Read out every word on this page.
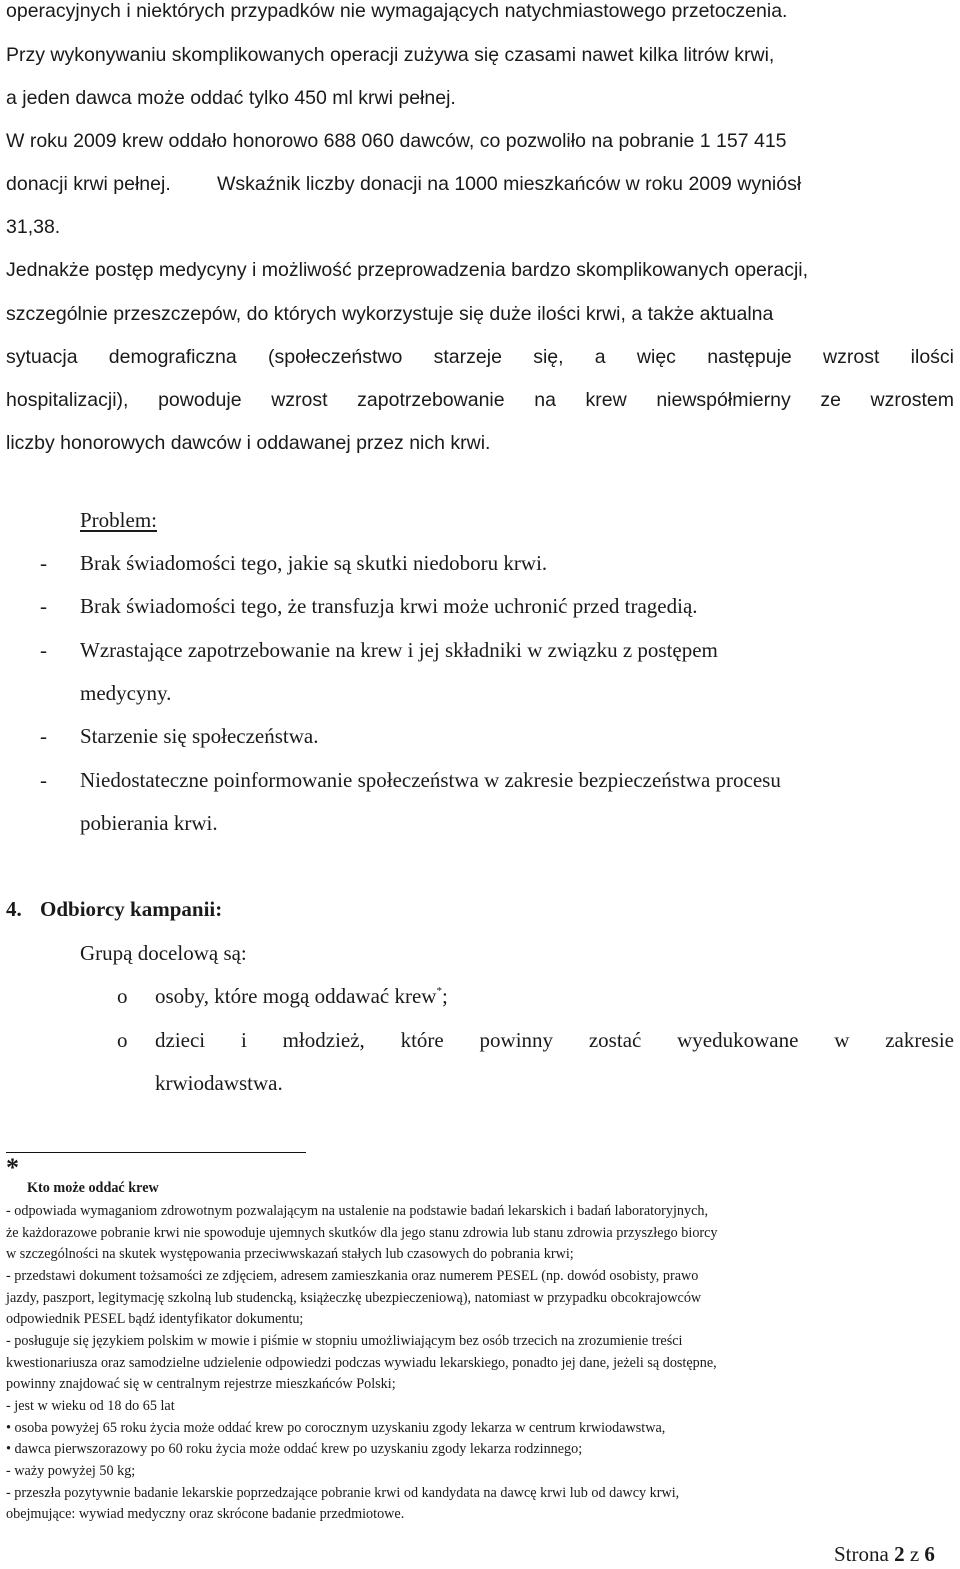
operacyjnych i niektórych przypadków nie wymagających natychmiastowego przetoczenia.
Przy wykonywaniu skomplikowanych operacji zużywa się czasami nawet kilka litrów krwi,
a jeden dawca może oddać tylko 450 ml krwi pełnej.
W roku 2009 krew oddało honorowo 688 060 dawców, co pozwoliło na pobranie 1 157 415
donacji krwi pełnej. Wskaźnik liczby donacji na 1000 mieszkańców w roku 2009 wyniósł
31,38.
Jednakże postęp medycyny i możliwość przeprowadzenia bardzo skomplikowanych operacji,
szczególnie przeszczepów, do których wykorzystuje się duże ilości krwi, a także aktualna
sytuacja demograficzna (społeczeństwo starzeje się, a więc następuje wzrost ilości
hospitalizacji), powoduje wzrost zapotrzebowanie na krew niewspółmierny ze wzrostem
liczby honorowych dawców i oddawanej przez nich krwi.
Problem:
- Brak świadomości tego, jakie są skutki niedoboru krwi.
- Brak świadomości tego, że transfuzja krwi może uchronić przed tragedią.
- Wzrastające zapotrzebowanie na krew i jej składniki w związku z postępem
medycyny.
- Starzenie się społeczeństwa.
- Niedostateczne poinformowanie społeczeństwa w zakresie bezpieczeństwa procesu
pobierania krwi.
4. Odbiorcy kampanii:
Grupą docelową są:
o osoby, które mogą oddawać krew*;
o dzieci i młodzież, które powinny zostać wyedukowane w zakresie
krwiodawstwa.
*
Kto może oddać krew
- odpowiada wymaganiom zdrowotnym pozwalającym na ustalenie na podstawie badań lekarskich i badań laboratoryjnych,
że każdorazowe pobranie krwi nie spowoduje ujemnych skutków dla jego stanu zdrowia lub stanu zdrowia przyszłego biorcy
w szczególności na skutek występowania przeciwwskazań stałych lub czasowych do pobrania krwi;
- przedstawi dokument tożsamości ze zdjęciem, adresem zamieszkania oraz numerem PESEL (np. dowód osobisty, prawo
jazdy, paszport, legitymację szkolną lub studencką, książeczkę ubezpieczeniową), natomiast w przypadku obcokrajowców
odpowiednik PESEL bądź identyfikator dokumentu;
- posługuje się językiem polskim w mowie i piśmie w stopniu umożliwiającym bez osób trzecich na zrozumienie treści
kwestionariusza oraz samodzielne udzielenie odpowiedzi podczas wywiadu lekarskiego, ponadto jej dane, jeżeli są dostępne,
powinny znajdować się w centralnym rejestrze mieszkańców Polski;
- jest w wieku od 18 do 65 lat
• osoba powyżej 65 roku życia może oddać krew po corocznym uzyskaniu zgody lekarza w centrum krwiodawstwa,
• dawca pierwszorazowy po 60 roku życia może oddać krew po uzyskaniu zgody lekarza rodzinnego;
- waży powyżej 50 kg;
- przeszła pozytywnie badanie lekarskie poprzedzające pobranie krwi od kandydata na dawcę krwi lub od dawcy krwi,
obejmujące: wywiad medyczny oraz skrócone badanie przedmiotowe.
Strona 2 z 6
